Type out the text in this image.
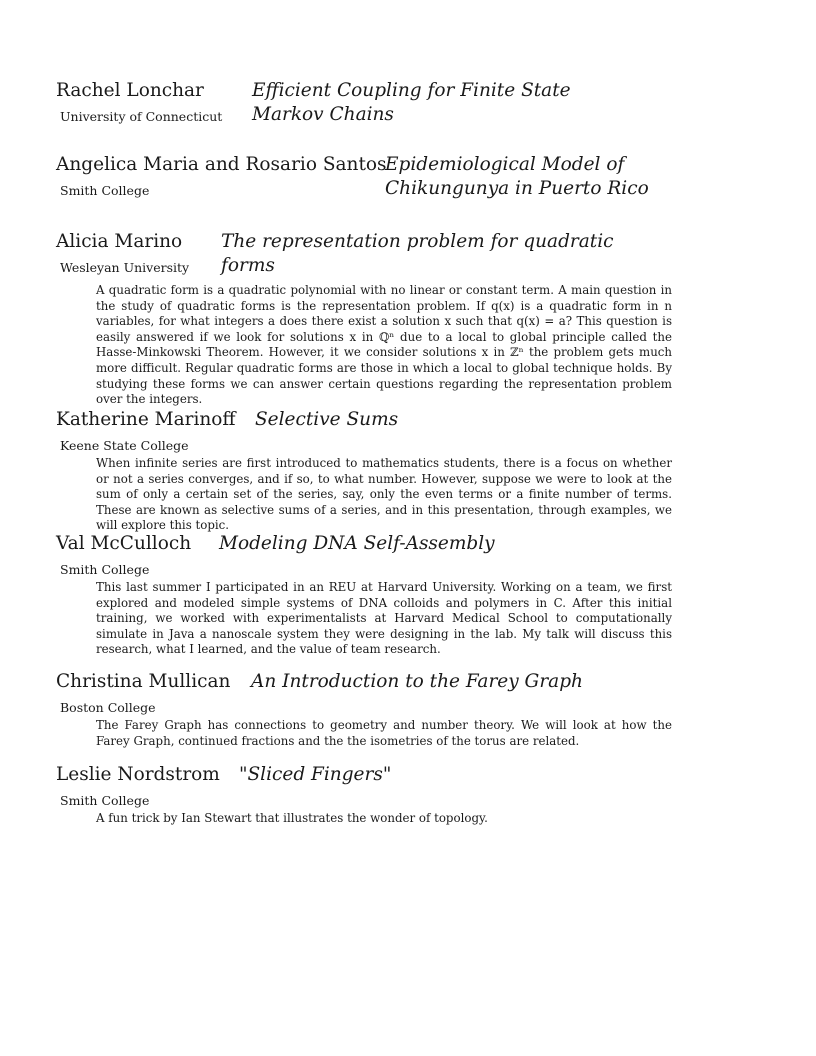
Rachel Lonchar	Efficient Coupling for Finite State
Markov Chains
University of Connecticut
Angelica Maria and Rosario Santos
Epidemiological Model of
Chikungunya in Puerto Rico
Smith College
Alicia Marino The representation problem for quadratic
forms
Wesleyan University
A quadratic form is a quadratic polynomial with no linear or constant term. A main question in the study of quadratic forms is the representation problem. If q(x) is a quadratic form in n variables, for what integers a does there exist a solution x such that q(x) = a? This question is easily answered if we look for solutions x in ℚⁿ due to a local to global principle called the Hasse-Minkowski Theorem. However, it we consider solutions x in ℤⁿ the problem gets much more difficult. Regular quadratic forms are those in which a local to global technique holds. By studying these forms we can answer certain questions regarding the representation problem over the integers.
Katherine Marinoff Selective Sums
Keene State College
When infinite series are first introduced to mathematics students, there is a focus on whether or not a series converges, and if so, to what number. However, suppose we were to look at the sum of only a certain set of the series, say, only the even terms or a finite number of terms. These are known as selective sums of a series, and in this presentation, through examples, we will explore this topic.
Val McCulloch Modeling DNA Self-Assembly
Smith College
This last summer I participated in an REU at Harvard University. Working on a team, we first explored and modeled simple systems of DNA colloids and polymers in C. After this initial training, we worked with experimentalists at Harvard Medical School to computationally simulate in Java a nanoscale system they were designing in the lab. My talk will discuss this research, what I learned, and the value of team research.
Christina Mullican An Introduction to the Farey Graph
Boston College
The Farey Graph has connections to geometry and number theory. We will look at how the Farey Graph, continued fractions and the the isometries of the torus are related.
Leslie Nordstrom "Sliced Fingers"
Smith College
A fun trick by Ian Stewart that illustrates the wonder of topology.
